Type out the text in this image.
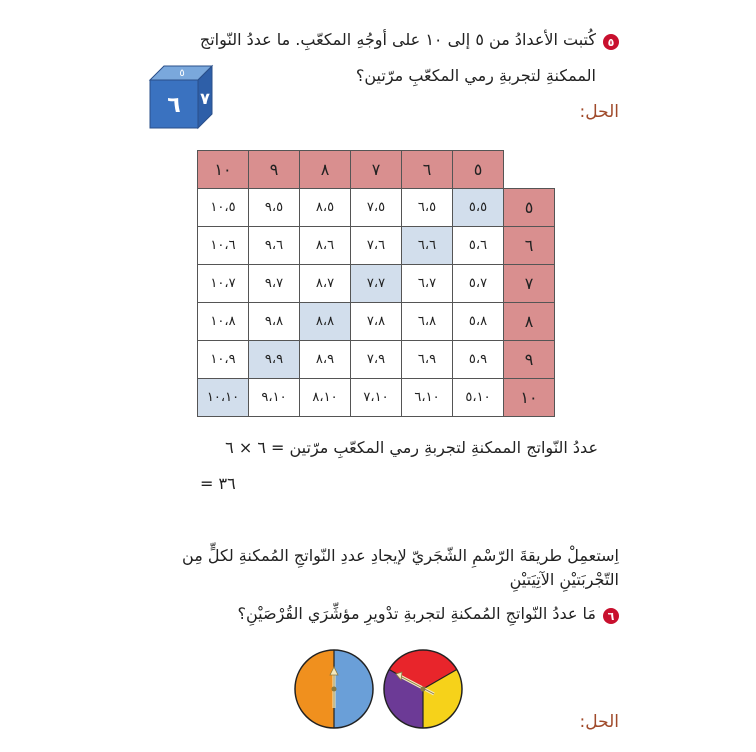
٥
كُتبت الأعدادُ من ٥ إلى ١٠ على أوجُهِ المكعّبِ. ما عددُ النّواتج
الممكنةِ لتجربةِ رمي المكعّبِ مرّتين؟
الحل:
٥
٦ ٧
١٠	٩	٨	٧	٦	٥	
١٠،٥	٩،٥	٨،٥	٧،٥	٦،٥	٥،٥	٥
١٠،٦	٩،٦	٨،٦	٧،٦	٦،٦	٥،٦	٦
١٠،٧	٩،٧	٨،٧	٧،٧	٦،٧	٥،٧	٧
١٠،٨	٩،٨	٨،٨	٧،٨	٦،٨	٥،٨	٨
١٠،٩	٩،٩	٨،٩	٧،٩	٦،٩	٥،٩	٩
١٠،١٠	٩،١٠	٨،١٠	٧،١٠	٦،١٠	٥،١٠	١٠
عددُ النّواتج الممكنةِ لتجربةِ رمي المكعّبِ مرّتين = ٦ × ٦
= ٣٦
اِستعمِلْ طريقةَ الرّسْمِ الشّجَريّ لإيجادِ عددِ النّواتجِ المُمكنةِ لكلٍّ مِن
التّجْربَتيْنِ الآتِيَتيْنِ
٦
مَا عددُ النّواتجِ المُمكنةِ لتجربةِ تدْويرِ مؤشِّرَي القُرْصَيْنِ؟
الحل:
